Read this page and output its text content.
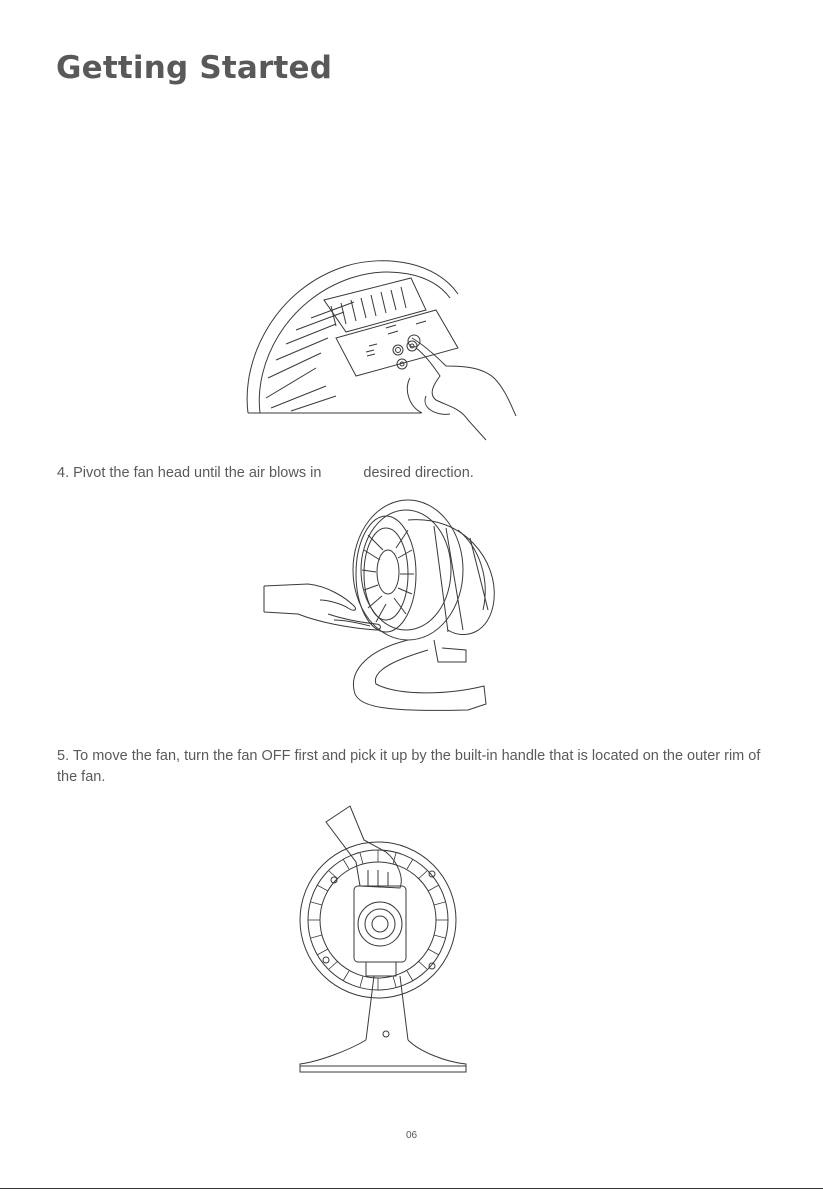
Getting Started

4. Pivot the fan head until the air blows in	desired direction.

5. To move the fan, turn the fan OFF first and pick it up by the built-in handle that is located on the outer rim of the fan.

06
